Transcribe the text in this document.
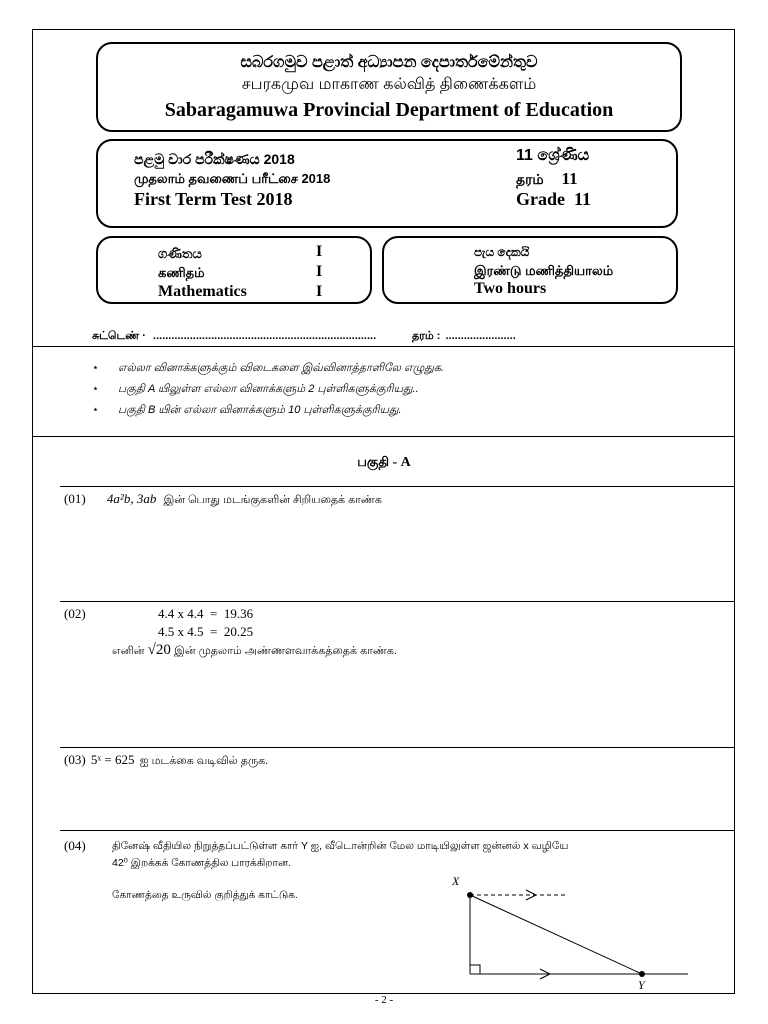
සබරගමුව පළාත් අධ්‍යාපන දෙපාර්තමේන්තුව
சபரகமுவ மாகாண கல்வித் திணைக்களம்
Sabaragamuwa Provincial Department of Education
පළමු වාර පරීක්ෂණය 2018
முதலாம் தவணைப் பரீட்சை 2018
First Term Test 2018
11 ශ්‍රේණිය
தரம் 11
Grade  11
ගණිතය
கணிதம்
Mathematics
I
I
I
පැය දෙකයි
இரண்டு மணித்தியாலம்
Two hours
சுட்டெண் · .........................................................................	தரம் : .......................
⋆ எல்லா வினாக்களுக்கும் விடைகளை இவ்வினாத்தாளிலே எழுதுக.
⋆ பகுதி A யிலுள்ள எல்லா வினாக்களும் 2 புள்ளிகளுக்குரியது..
⋆ பகுதி B யின் எல்லா வினாக்களும் 10 புள்ளிகளுக்குரியது.
பகுதி - A
(01) 4a²b, 3ab இன் பொது மடங்குகளின் சிறியதைக் காண்க
(02)	4.4 x 4.4  =  19.36
4.5 x 4.5  =  20.25
எனின் √20 இன் முதலாம் அண்ணளவாக்கத்தைக் காண்க.
(03) 5ˣ = 625 ஐ மடக்கை வடிவில் தருக.
(04)	தினேஷ் வீதியில நிறுத்தப்பட்டுள்ள கார் Y ஐ, வீடொன்றின் மேல மாடியிலுள்ள ஜன்னல் x வழியே
42⁰ இறக்கக் கோணத்தில பாரக்கிறான.
கோணத்தை உருவில் குறித்துக் காட்டுக.
X
Y
- 2 -
